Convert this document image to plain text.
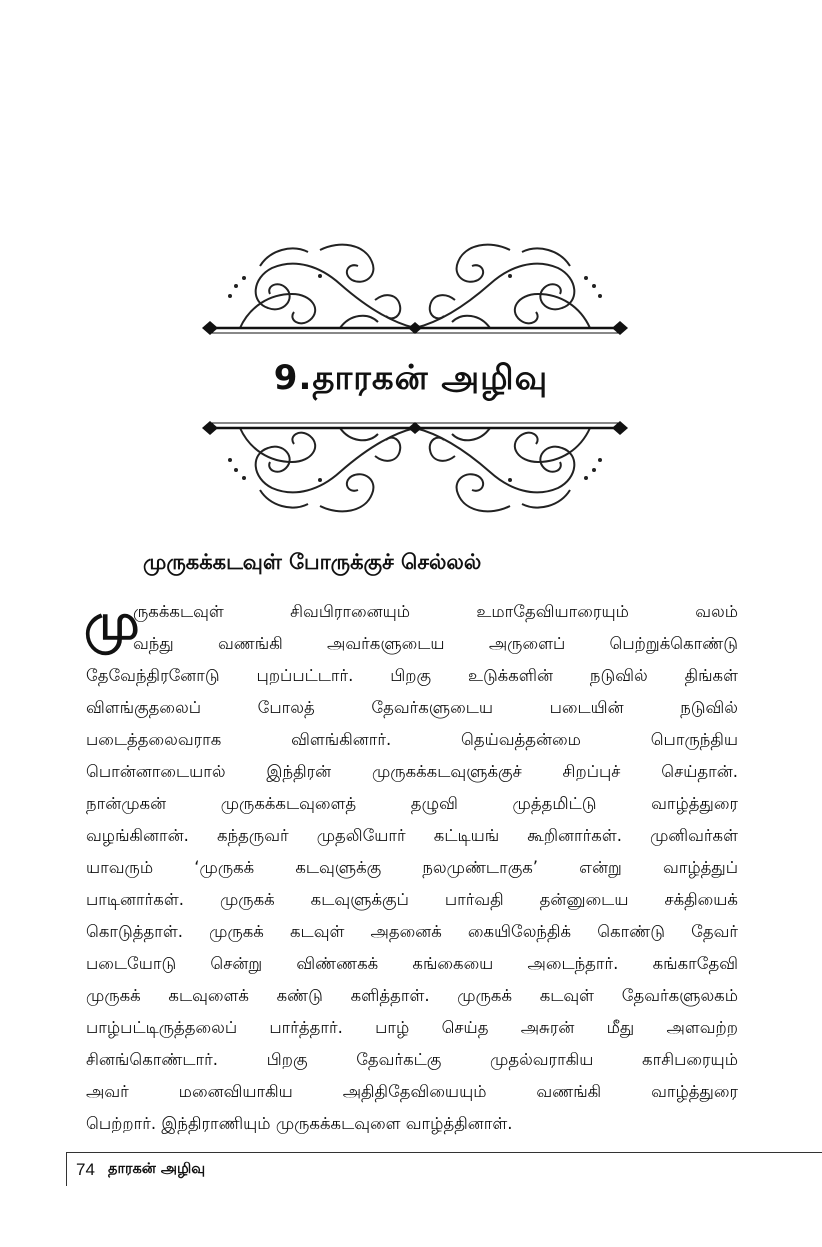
9.தாரகன் அழிவு
முருகக்கடவுள் போருக்குச் செல்லல்
மு
ருகக்கடவுள் சிவபிரானையும் உமாதேவியாரையும் வலம்
வந்து வணங்கி அவர்களுடைய அருளைப் பெற்றுக்கொண்டு
தேவேந்திரனோடு புறப்பட்டார். பிறகு உடுக்களின் நடுவில் திங்கள்
விளங்குதலைப் போலத் தேவர்களுடைய படையின் நடுவில்
படைத்தலைவராக விளங்கினார். தெய்வத்தன்மை பொருந்திய
பொன்னாடையால் இந்திரன் முருகக்கடவுளுக்குச் சிறப்புச் செய்தான்.
நான்முகன் முருகக்கடவுளைத் தழுவி முத்தமிட்டு வாழ்த்துரை
வழங்கினான். கந்தருவர் முதலியோர் கட்டியங் கூறினார்கள். முனிவர்கள்
யாவரும் ‘முருகக் கடவுளுக்கு நலமுண்டாகுக’ என்று வாழ்த்துப்
பாடினார்கள். முருகக் கடவுளுக்குப் பார்வதி தன்னுடைய சக்தியைக்
கொடுத்தாள். முருகக் கடவுள் அதனைக் கையிலேந்திக் கொண்டு தேவர்
படையோடு சென்று விண்ணகக் கங்கையை அடைந்தார். கங்காதேவி
முருகக் கடவுளைக் கண்டு களித்தாள். முருகக் கடவுள் தேவர்களுலகம்
பாழ்பட்டிருத்தலைப் பார்த்தார். பாழ் செய்த அசுரன் மீது அளவற்ற
சினங்கொண்டார். பிறகு தேவர்கட்கு முதல்வராகிய காசிபரையும்
அவர் மனைவியாகிய அதிதிதேவியையும் வணங்கி வாழ்த்துரை
பெற்றார். இந்திராணியும் முருகக்கடவுளை வாழ்த்தினாள்.
74 தாரகன் அழிவு
